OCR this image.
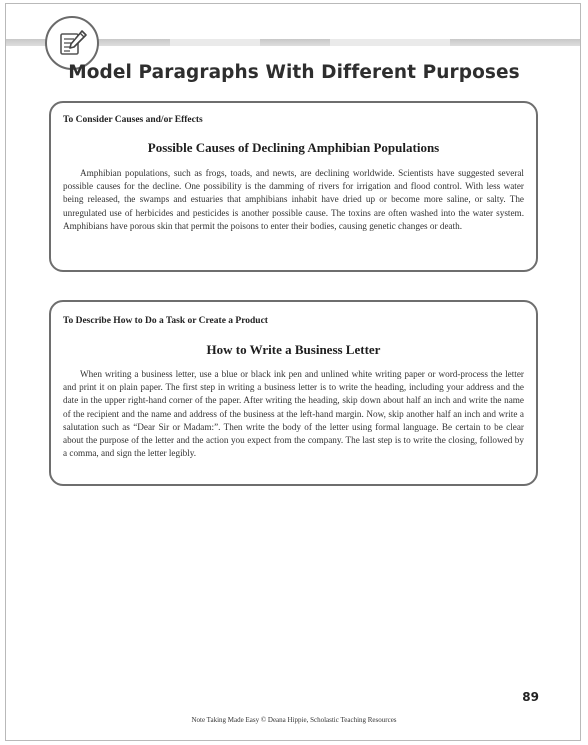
Model Paragraphs With Different Purposes
To Consider Causes and/or Effects
Possible Causes of Declining Amphibian Populations
Amphibian populations, such as frogs, toads, and newts, are declining worldwide. Scientists have suggested several possible causes for the decline. One possibility is the damming of rivers for irrigation and flood control. With less water being released, the swamps and estuaries that amphibians inhabit have dried up or become more saline, or salty. The unregulated use of herbicides and pesticides is another possible cause. The toxins are often washed into the water system. Amphibians have porous skin that permit the poisons to enter their bodies, causing genetic changes or death.
To Describe How to Do a Task or Create a Product
How to Write a Business Letter
When writing a business letter, use a blue or black ink pen and unlined white writing paper or word-process the letter and print it on plain paper. The first step in writing a business letter is to write the heading, including your address and the date in the upper right-hand corner of the paper. After writing the heading, skip down about half an inch and write the name of the recipient and the name and address of the business at the left-hand margin. Now, skip another half an inch and write a salutation such as “Dear Sir or Madam:”. Then write the body of the letter using formal language. Be certain to be clear about the purpose of the letter and the action you expect from the company. The last step is to write the closing, followed by a comma, and sign the letter legibly.
89
Note Taking Made Easy © Deana Hippie, Scholastic Teaching Resources
